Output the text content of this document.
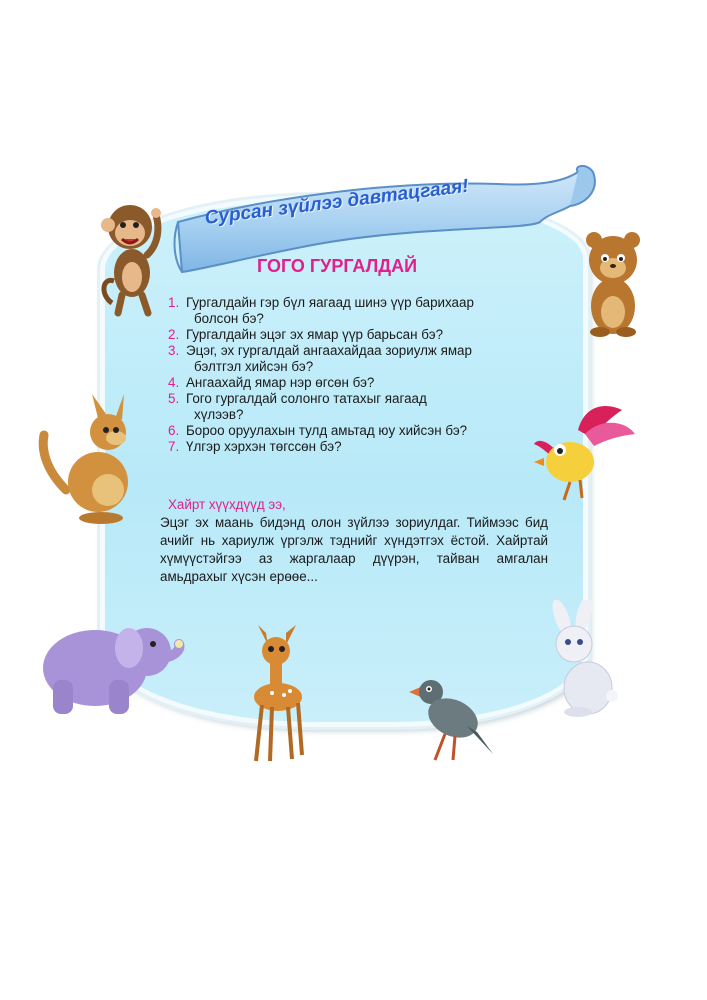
Сурсан зүйлээ давтацгаая!
ГОГО ГУРГАЛДАЙ
1. Гургалдайн гэр бүл яагаад шинэ үүр барихаар
болсон бэ?
2. Гургалдайн эцэг эх ямар үүр барьсан бэ?
3. Эцэг, эх гургалдай ангаахайдаа зориулж ямар
бэлтгэл хийсэн бэ?
4. Ангаахайд ямар нэр өгсөн бэ?
5. Гого гургалдай солонго татахыг яагаад
хүлээв?
6. Бороо оруулахын тулд амьтад юу хийсэн бэ?
7. Үлгэр хэрхэн төгссөн бэ?
Хайрт хүүхдүүд ээ,
Эцэг эх маань бидэнд олон зүйлээ зориулдаг. Тиймээс бид ачийг нь хариулж үргэлж тэднийг хүндэтгэх ёстой. Хайртай хүмүүстэйгээ аз жаргалаар дүүрэн, тайван амгалан амьдрахыг хүсэн ерөөе...
